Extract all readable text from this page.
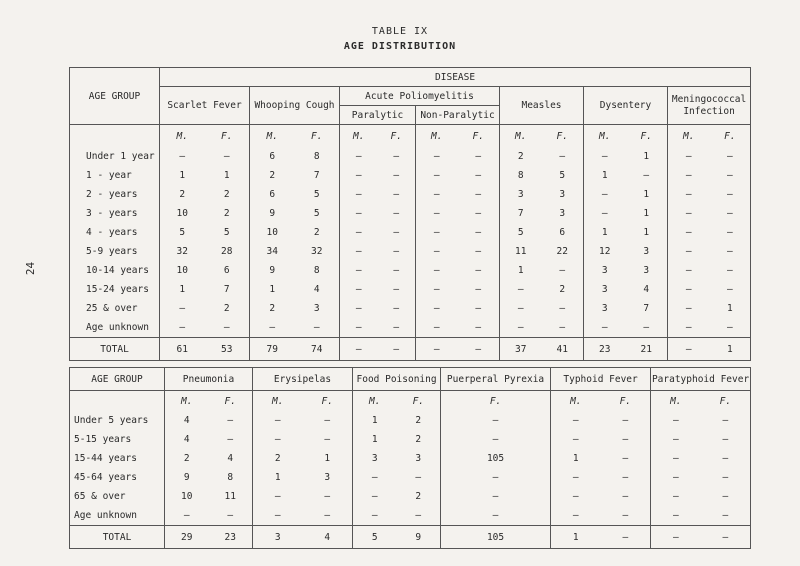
TABLE IX
AGE DISTRIBUTION
24
AGE GROUP	DISEASE													
	Scarlet Fever		Whooping Cough		Acute Poliomyelitis				Measles		Dysentery		Meningococcal Infection	
					Paralytic		Non-Paralytic							
	M.	F.	M.	F.	M.	F.	M.	F.	M.	F.	M.	F.	M.	F.
Under 1 year	–	–	6	8	–	–	–	–	2	–	–	1	–	–
1 - year	1	1	2	7	–	–	–	–	8	5	1	–	–	–
2 - years	2	2	6	5	–	–	–	–	3	3	–	1	–	–
3 - years	10	2	9	5	–	–	–	–	7	3	–	1	–	–
4 - years	5	5	10	2	–	–	–	–	5	6	1	1	–	–
5-9 years	32	28	34	32	–	–	–	–	11	22	12	3	–	–
10-14 years	10	6	9	8	–	–	–	–	1	–	3	3	–	–
15-24 years	1	7	1	4	–	–	–	–	–	2	3	4	–	–
25 & over	–	2	2	3	–	–	–	–	–	–	3	7	–	1
Age unknown	–	–	–	–	–	–	–	–	–	–	–	–	–	–
TOTAL	61	53	79	74	–	–	–	–	37	41	23	21	–	1
AGE GROUP	Pneumonia		Erysipelas		Food Poisoning		Puerperal Pyrexia	Typhoid Fever		Paratyphoid Fever	
	M.	F.	M.	F.	M.	F.	F.	M.	F.	M.	F.
Under 5 years	4	–	–	–	1	2	–	–	–	–	–
5-15 years	4	–	–	–	1	2	–	–	–	–	–
15-44 years	2	4	2	1	3	3	105	1	–	–	–
45-64 years	9	8	1	3	–	–	–	–	–	–	–
65 & over	10	11	–	–	–	2	–	–	–	–	–
Age unknown	–	–	–	–	–	–	–	–	–	–	–
TOTAL	29	23	3	4	5	9	105	1	–	–	–
